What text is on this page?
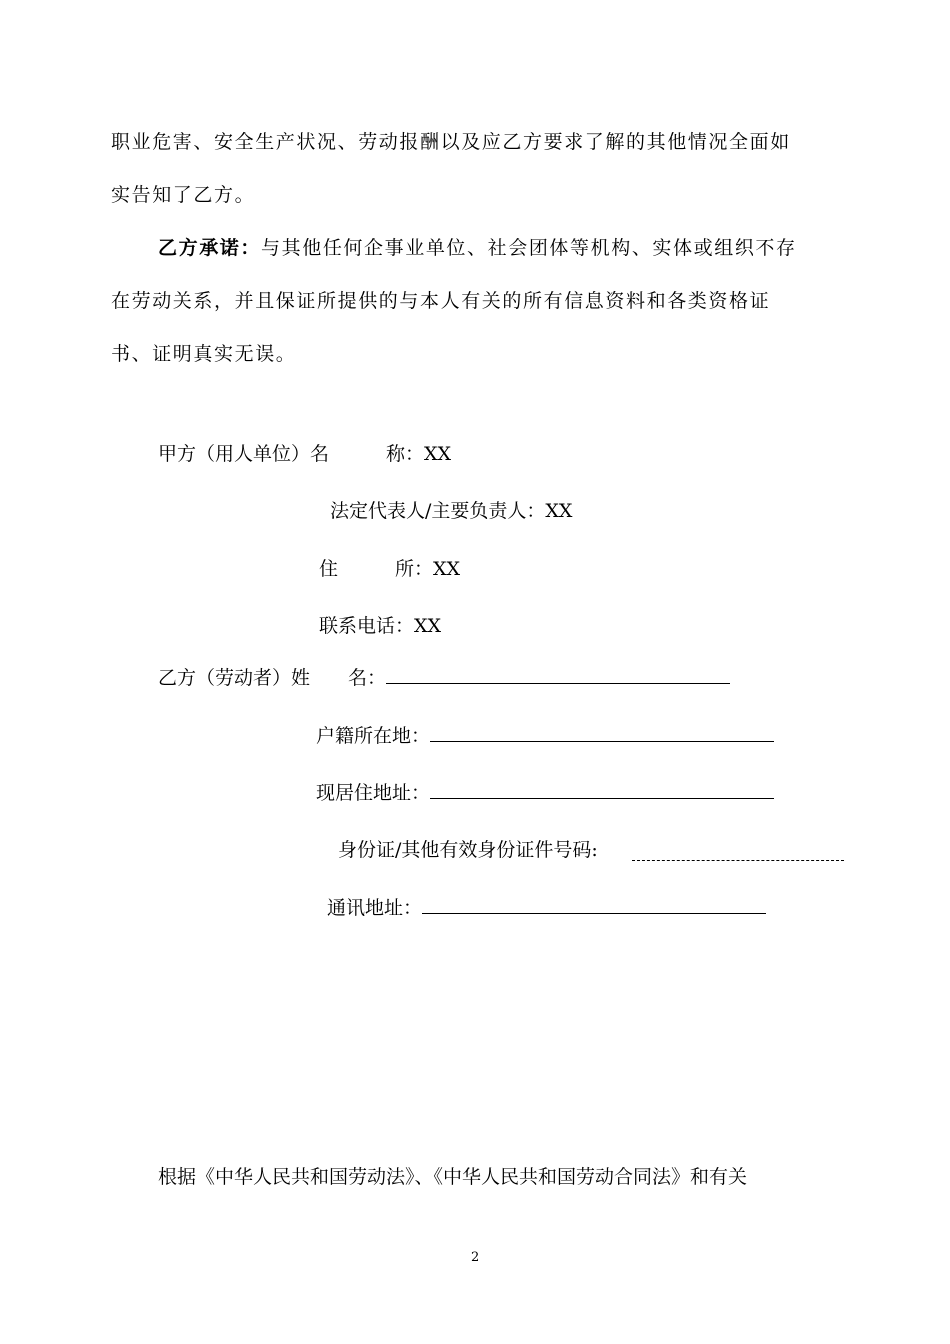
职业危害、安全生产状况、劳动报酬以及应乙方要求了解的其他情况全面如
实告知了乙方。
乙方承诺：与其他任何企事业单位、社会团体等机构、实体或组织不存
在劳动关系，并且保证所提供的与本人有关的所有信息资料和各类资格证
书、证明真实无误。
甲方（用人单位）名　　　称：XX
法定代表人/主要负责人：XX
住　　　所：XX
联系电话：XX
乙方（劳动者）姓　　名：
户籍所在地：
现居住地址：
身份证/其他有效身份证件号码:
通讯地址：
根据《中华人民共和国劳动法》、《中华人民共和国劳动合同法》和有关
2
